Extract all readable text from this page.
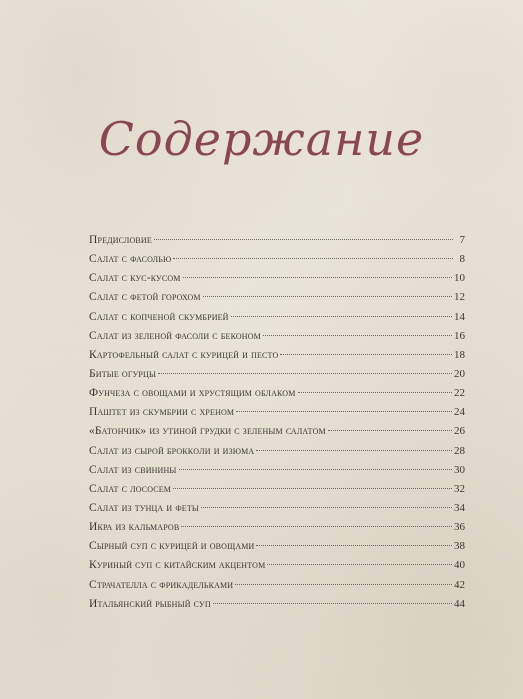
Содержание
Предисловие	7
Салат с фасолью	8
Салат с кус-кусом	10
Салат с фетой горохом	12
Салат с копченой скумбрией	14
Салат из зеленой фасоли с беконом	16
Картофельный салат с курицей и песто	18
Битые огурцы	20
Фунчеза с овощами и хрустящим облаком	22
Паштет из скумбрии с хреном	24
«Батончик» из утиной грудки с зеленым салатом	26
Салат из сырой броккoли и изюма	28
Салат из свинины	30
Салат с лососем	32
Салат из тунца и феты	34
Икра из кальмаров	36
Сырный суп с курицей и овощами	38
Куриный суп с китайским акцентом	40
Страчателла с фрикадельками	42
Итальянский рыбный суп	44
